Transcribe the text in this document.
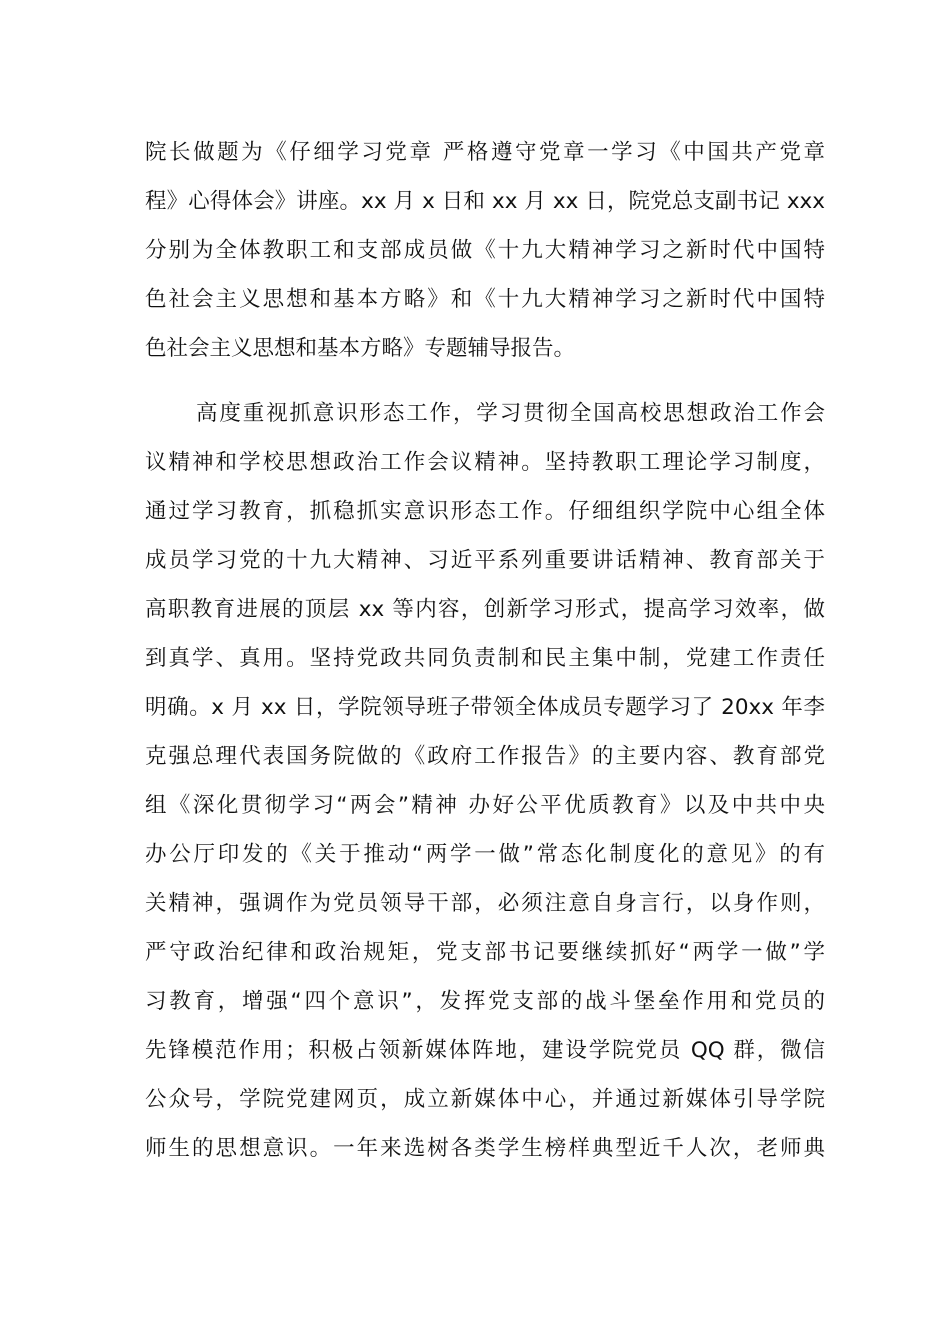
院长做题为《仔细学习党章 严格遵守党章一学习《中国共产党章
程》心得体会》讲座。xx 月 x 日和 xx 月 xx 日，院党总支副书记 xxx
分别为全体教职工和支部成员做《十九大精神学习之新时代中国特
色社会主义思想和基本方略》和《十九大精神学习之新时代中国特
色社会主义思想和基本方略》专题辅导报告。
高度重视抓意识形态工作，学习贯彻全国高校思想政治工作会
议精神和学校思想政治工作会议精神。坚持教职工理论学习制度，
通过学习教育，抓稳抓实意识形态工作。仔细组织学院中心组全体
成员学习党的十九大精神、习近平系列重要讲话精神、教育部关于
高职教育进展的顶层 xx 等内容，创新学习形式，提高学习效率，做
到真学、真用。坚持党政共同负责制和民主集中制，党建工作责任
明确。x 月 xx 日，学院领导班子带领全体成员专题学习了 20xx 年李
克强总理代表国务院做的《政府工作报告》的主要内容、教育部党
组《深化贯彻学习“两会”精神 办好公平优质教育》以及中共中央
办公厅印发的《关于推动“两学一做”常态化制度化的意见》的有
关精神，强调作为党员领导干部，必须注意自身言行，以身作则，
严守政治纪律和政治规矩，党支部书记要继续抓好“两学一做”学
习教育，增强“四个意识”，发挥党支部的战斗堡垒作用和党员的
先锋模范作用；积极占领新媒体阵地，建设学院党员 QQ 群，微信
公众号，学院党建网页，成立新媒体中心，并通过新媒体引导学院
师生的思想意识。一年来选树各类学生榜样典型近千人次，老师典
